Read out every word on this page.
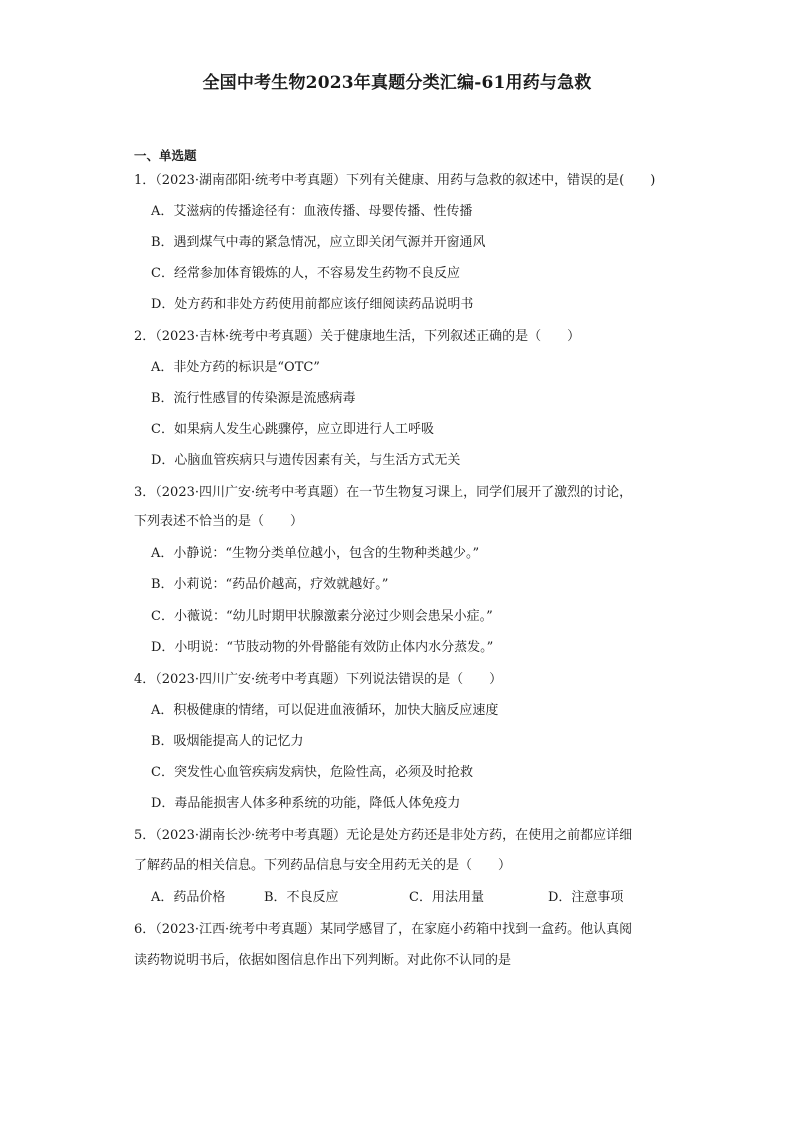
全国中考生物2023年真题分类汇编-61用药与急救
一、单选题
1．（2023·湖南邵阳·统考中考真题）下列有关健康、用药与急救的叙述中，错误的是(　　)
A．艾滋病的传播途径有：血液传播、母婴传播、性传播
B．遇到煤气中毒的紧急情况，应立即关闭气源并开窗通风
C．经常参加体育锻炼的人，不容易发生药物不良反应
D．处方药和非处方药使用前都应该仔细阅读药品说明书
2．（2023·吉林·统考中考真题）关于健康地生活，下列叙述正确的是（　　）
A．非处方药的标识是“OTC”
B．流行性感冒的传染源是流感病毒
C．如果病人发生心跳骤停，应立即进行人工呼吸
D．心脑血管疾病只与遗传因素有关，与生活方式无关
3．（2023·四川广安·统考中考真题）在一节生物复习课上，同学们展开了激烈的讨论，
下列表述不恰当的是（　　）
A．小静说：“生物分类单位越小，包含的生物种类越少。”
B．小莉说：“药品价越高，疗效就越好。”
C．小薇说：“幼儿时期甲状腺激素分泌过少则会患呆小症。”
D．小明说：“节肢动物的外骨骼能有效防止体内水分蒸发。”
4．（2023·四川广安·统考中考真题）下列说法错误的是（　　）
A．积极健康的情绪，可以促进血液循环，加快大脑反应速度
B．吸烟能提高人的记忆力
C．突发性心血管疾病发病快，危险性高，必须及时抢救
D．毒品能损害人体多种系统的功能，降低人体免疫力
5．（2023·湖南长沙·统考中考真题）无论是处方药还是非处方药，在使用之前都应详细
了解药品的相关信息。下列药品信息与安全用药无关的是（　　）
A．药品价格	B．不良反应	C．用法用量	D．注意事项
6．（2023·江西·统考中考真题）某同学感冒了，在家庭小药箱中找到一盒药。他认真阅
读药物说明书后，依据如图信息作出下列判断。对此你不认同的是
